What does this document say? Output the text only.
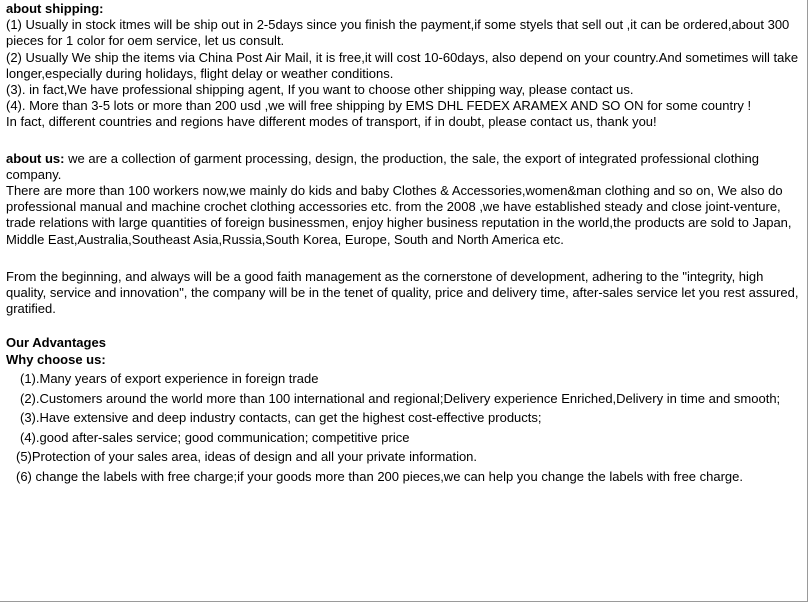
about shipping:

(1) Usually in stock itmes will be ship out in 2-5days since you finish the payment,if some styels that sell out ,it can be ordered,about 300 pieces for 1 color for oem service, let us consult.

(2) Usually We ship the items via China Post Air Mail, it is free,it will cost 10-60days, also depend on your country.And sometimes will take longer,especially during holidays, flight delay or weather conditions.

(3). in fact,We have professional shipping agent, If you want to choose other shipping way, please contact us.

(4). More than 3-5 lots or more than 200 usd ,we will free shipping by EMS DHL FEDEX ARAMEX AND SO ON for some country !

In fact, different countries and regions have different modes of transport, if in doubt, please contact us, thank you!

about us: we are a collection of garment processing, design, the production, the sale, the export of integrated professional clothing company.

There are more than 100 workers now,we mainly do kids and baby Clothes & Accessories,women&man clothing and so on, We also do professional manual and machine crochet clothing accessories etc. from the 2008 ,we have established steady and close joint-venture, trade relations with large quantities of foreign businessmen, enjoy higher business reputation in the world,the products are sold to Japan, Middle East,Australia,Southeast Asia,Russia,South Korea, Europe, South and North America etc.

From the beginning, and always will be a good faith management as the cornerstone of development, adhering to the "integrity, high quality, service and innovation", the company will be in the tenet of quality, price and delivery time, after-sales service let you rest assured, gratified.

Our Advantages

Why choose us:

(1).Many years of export experience in foreign trade

(2).Customers around the world more than 100 international and regional;Delivery experience Enriched,Delivery in time and smooth;

(3).Have extensive and deep industry contacts, can get the highest cost-effective products;

(4).good after-sales service; good communication; competitive price

(5)Protection of your sales area, ideas of design and all your private information.

(6) change the labels with free charge;if your goods more than 200 pieces,we can help you change the labels with free charge.
